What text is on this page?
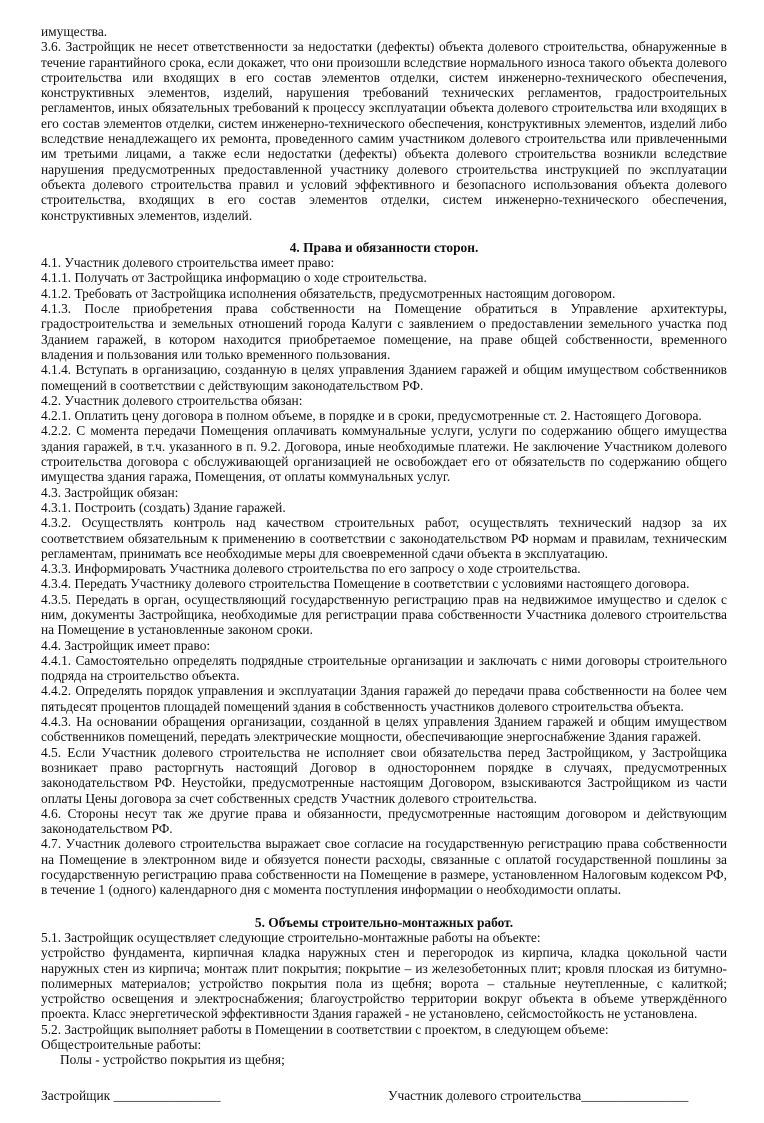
имущества.

3.6. Застройщик не несет ответственности за недостатки (дефекты) объекта долевого строительства, обнаруженные в течение гарантийного срока, если докажет, что они произошли вследствие нормального износа такого объекта долевого строительства или входящих в его состав элементов отделки, систем инженерно-технического обеспечения, конструктивных элементов, изделий, нарушения требований технических регламентов, градостроительных регламентов, иных обязательных требований к процессу эксплуатации объекта долевого строительства или входящих в его состав элементов отделки, систем инженерно-технического обеспечения, конструктивных элементов, изделий либо вследствие ненадлежащего их ремонта, проведенного самим участником долевого строительства или привлеченными им третьими лицами, а также если недостатки (дефекты) объекта долевого строительства возникли вследствие нарушения предусмотренных предоставленной участнику долевого строительства инструкцией по эксплуатации объекта долевого строительства правил и условий эффективного и безопасного использования объекта долевого строительства, входящих в его состав элементов отделки, систем инженерно-технического обеспечения, конструктивных элементов, изделий.

4. Права и обязанности сторон.

4.1. Участник долевого строительства имеет право:

4.1.1. Получать от Застройщика информацию о ходе строительства.

4.1.2. Требовать от Застройщика исполнения обязательств, предусмотренных настоящим договором.

4.1.3. После приобретения права собственности на Помещение обратиться в Управление архитектуры, градостроительства и земельных отношений города Калуги с заявлением о предоставлении земельного участка под Зданием гаражей, в котором находится приобретаемое помещение, на праве общей собственности, временного владения и пользования или только временного пользования.

4.1.4. Вступать в организацию, созданную в целях управления Зданием гаражей и общим имуществом собственников помещений в соответствии с действующим законодательством РФ.

4.2. Участник долевого строительства обязан:

4.2.1. Оплатить цену договора в полном объеме, в порядке и в сроки, предусмотренные ст. 2. Настоящего Договора.

4.2.2. С момента передачи Помещения оплачивать коммунальные услуги, услуги по содержанию общего имущества здания гаражей, в т.ч. указанного в п. 9.2. Договора, иные необходимые платежи. Не заключение Участником долевого строительства договора с обслуживающей организацией не освобождает его от обязательств по содержанию общего имущества здания гаража, Помещения, от оплаты коммунальных услуг.

4.3. Застройщик обязан:

4.3.1. Построить (создать) Здание гаражей.

4.3.2. Осуществлять контроль над качеством строительных работ, осуществлять технический надзор за их соответствием обязательным к применению в соответствии с законодательством РФ нормам и правилам, техническим регламентам, принимать все необходимые меры для своевременной сдачи объекта в эксплуатацию.

4.3.3. Информировать Участника долевого строительства по его запросу о ходе строительства.

4.3.4. Передать Участнику долевого строительства Помещение в соответствии с условиями настоящего договора.

4.3.5. Передать в орган, осуществляющий государственную регистрацию прав на недвижимое имущество и сделок с ним, документы Застройщика, необходимые для регистрации права собственности Участника долевого строительства на Помещение в установленные законом сроки.

4.4. Застройщик имеет право:

4.4.1. Самостоятельно определять подрядные строительные организации и заключать с ними договоры строительного подряда на строительство объекта.

4.4.2. Определять порядок управления и эксплуатации Здания гаражей до передачи права собственности на более чем пятьдесят процентов площадей помещений здания в собственность участников долевого строительства объекта.

4.4.3. На основании обращения организации, созданной в целях управления Зданием гаражей и общим имуществом собственников помещений, передать электрические мощности, обеспечивающие энергоснабжение Здания гаражей.

4.5. Если Участник долевого строительства не исполняет свои обязательства перед Застройщиком, у Застройщика возникает право расторгнуть настоящий Договор в одностороннем порядке в случаях, предусмотренных законодательством РФ. Неустойки, предусмотренные настоящим Договором, взыскиваются Застройщиком из части оплаты Цены договора за счет собственных средств Участник долевого строительства.

4.6. Стороны несут так же другие права и обязанности, предусмотренные настоящим договором и действующим законодательством РФ.

4.7. Участник долевого строительства выражает свое согласие на государственную регистрацию права собственности на Помещение в электронном виде и обязуется понести расходы, связанные с оплатой государственной пошлины за государственную регистрацию права собственности на Помещение в размере, установленном Налоговым кодексом РФ, в течение 1 (одного) календарного дня с момента поступления информации о необходимости оплаты.

5. Объемы строительно-монтажных работ.

5.1. Застройщик осуществляет следующие строительно-монтажные работы на объекте:

устройство фундамента, кирпичная кладка наружных стен и перегородок из кирпича, кладка цокольной части наружных стен из кирпича; монтаж плит покрытия; покрытие – из железобетонных плит; кровля плоская из битумно-полимерных материалов; устройство покрытия пола из щебня; ворота – стальные неутепленные, с калиткой; устройство освещения и электроснабжения; благоустройство территории вокруг объекта в объеме утверждённого проекта. Класс энергетической эффективности Здания гаражей - не установлено, сейсмостойкость не установлена.

5.2. Застройщик выполняет работы в Помещении в соответствии с проектом, в следующем объеме:

Общестроительные работы:

Полы - устройство покрытия из щебня;

Застройщик ________________	Участник долевого строительства________________
